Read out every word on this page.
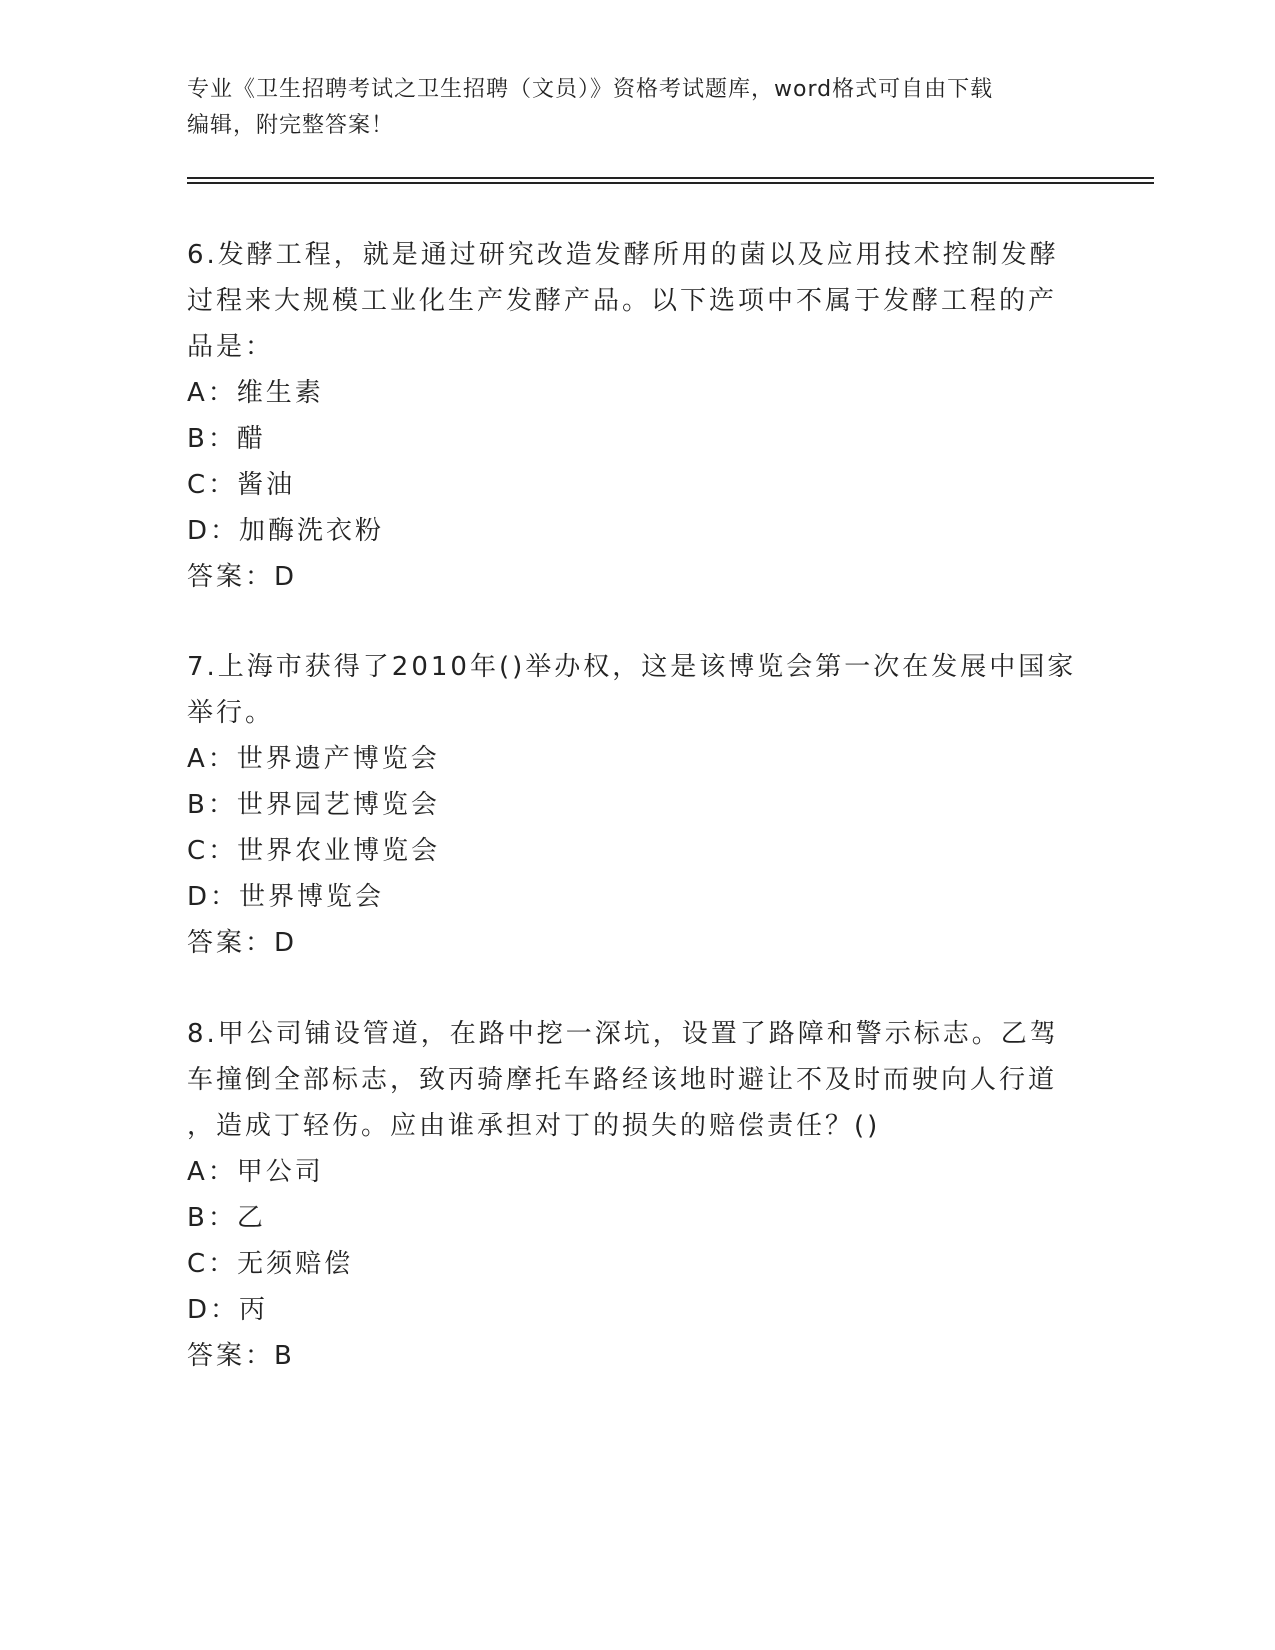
专业《卫生招聘考试之卫生招聘（文员）》资格考试题库，word格式可自由下载
编辑，附完整答案！
6.发酵工程，就是通过研究改造发酵所用的菌以及应用技术控制发酵
过程来大规模工业化生产发酵产品。以下选项中不属于发酵工程的产
品是：
A：维生素
B：醋
C：酱油
D：加酶洗衣粉
答案：D
7.上海市获得了2010年()举办权，这是该博览会第一次在发展中国家
举行。
A：世界遗产博览会
B：世界园艺博览会
C：世界农业博览会
D：世界博览会
答案：D
8.甲公司铺设管道，在路中挖一深坑，设置了路障和警示标志。乙驾
车撞倒全部标志，致丙骑摩托车路经该地时避让不及时而驶向人行道
，造成丁轻伤。应由谁承担对丁的损失的赔偿责任？()
A：甲公司
B：乙
C：无须赔偿
D：丙
答案：B
